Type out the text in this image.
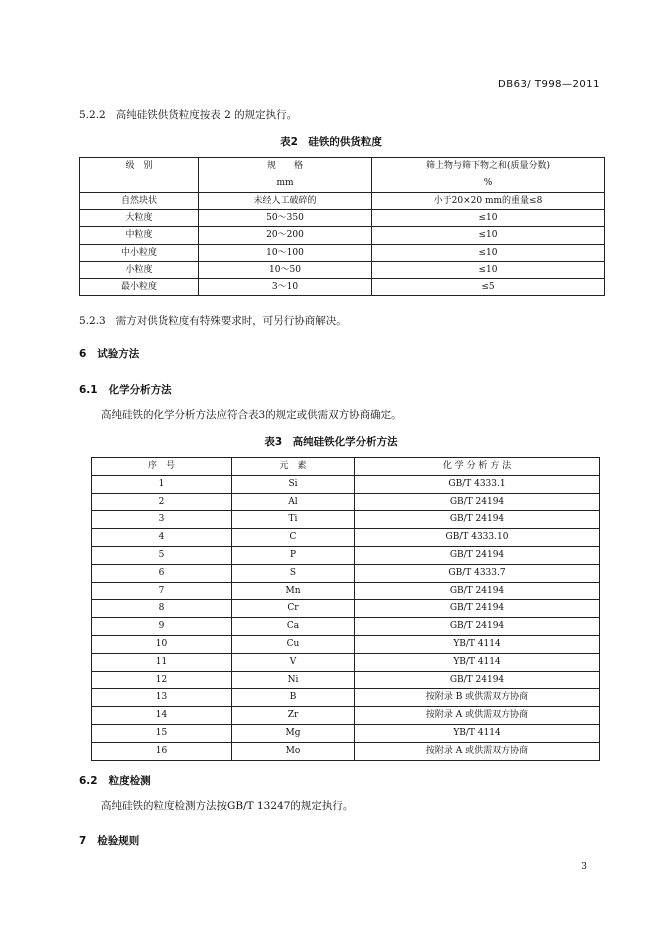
DB63/ T998—2011
5.2.2 高纯硅铁供货粒度按表 2 的规定执行。
表2　硅铁的供货粒度
级　别	规　　格	筛上物与筛下物之和(质量分数)
	mm	%
自然块状	未经人工破碎的	小于20×20 mm的重量≤8
大粒度	50～350	≤10
中粒度	20～200	≤10
中小粒度	10～100	≤10
小粒度	10～50	≤10
最小粒度	3～10	≤5
5.2.3 需方对供货粒度有特殊要求时，可另行协商解决。
6 试验方法
6.1 化学分析方法
高纯硅铁的化学分析方法应符合表3的规定或供需双方协商确定。
表3　高纯硅铁化学分析方法
序　号	元　素	化 学 分 析 方 法
1	Si	GB/T 4333.1
2	Al	GB/T 24194
3	Ti	GB/T 24194
4	C	GB/T 4333.10
5	P	GB/T 24194
6	S	GB/T 4333.7
7	Mn	GB/T 24194
8	Cr	GB/T 24194
9	Ca	GB/T 24194
10	Cu	YB/T 4114
11	V	YB/T 4114
12	Ni	GB/T 24194
13	B	按附录 B 或供需双方协商
14	Zr	按附录 A 或供需双方协商
15	Mg	YB/T 4114
16	Mo	按附录 A 或供需双方协商
6.2 粒度检测
高纯硅铁的粒度检测方法按GB/T 13247的规定执行。
7 检验规则
3
